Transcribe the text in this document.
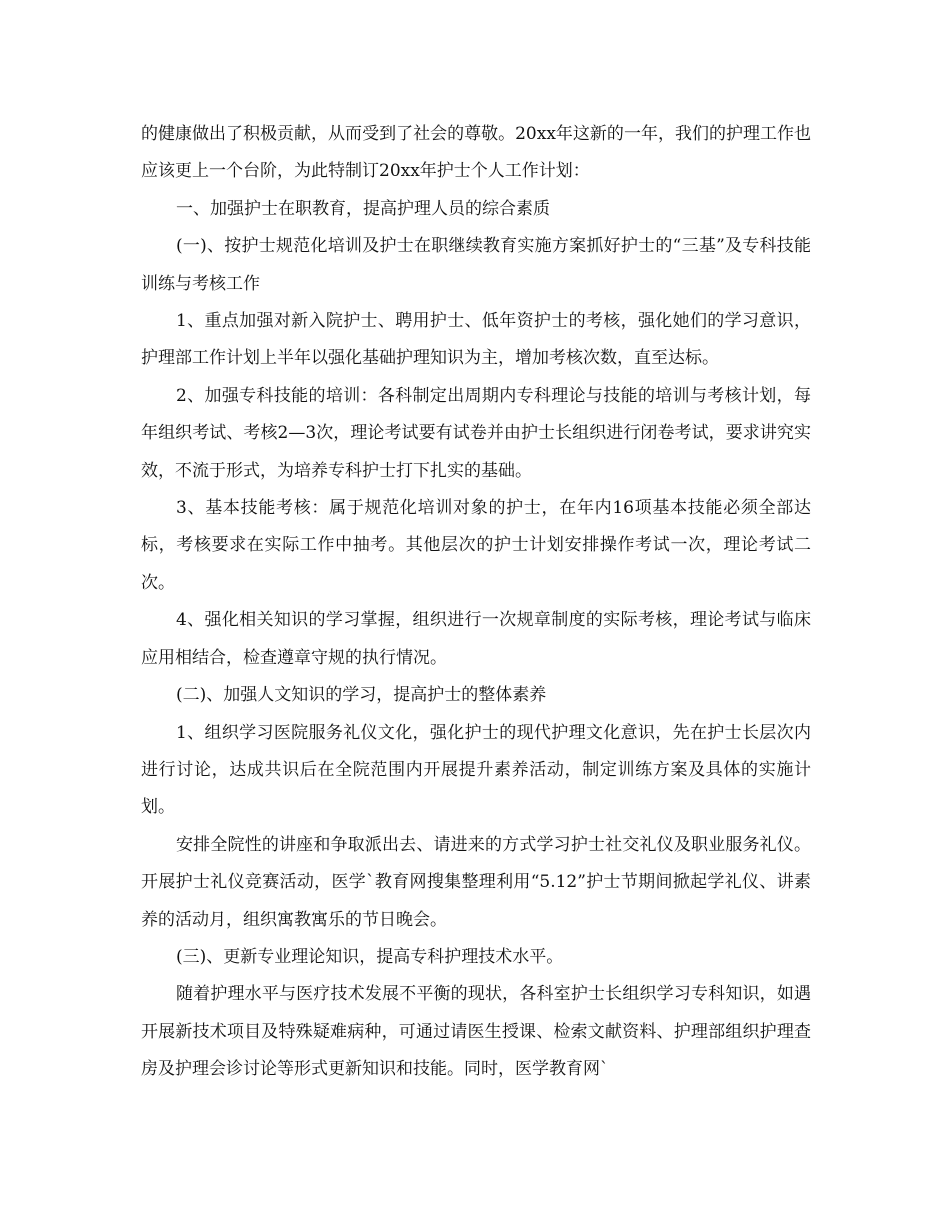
的健康做出了积极贡献，从而受到了社会的尊敬。20xx年这新的一年，我们的护理工作也应该更上一个台阶，为此特制订20xx年护士个人工作计划：

一、加强护士在职教育，提高护理人员的综合素质

(一)、按护士规范化培训及护士在职继续教育实施方案抓好护士的“三基”及专科技能训练与考核工作

1、重点加强对新入院护士、聘用护士、低年资护士的考核，强化她们的学习意识，护理部工作计划上半年以强化基础护理知识为主，增加考核次数，直至达标。

2、加强专科技能的培训：各科制定出周期内专科理论与技能的培训与考核计划，每年组织考试、考核2—3次，理论考试要有试卷并由护士长组织进行闭卷考试，要求讲究实效，不流于形式，为培养专科护士打下扎实的基础。

3、基本技能考核：属于规范化培训对象的护士，在年内16项基本技能必须全部达标，考核要求在实际工作中抽考。其他层次的护士计划安排操作考试一次，理论考试二次。

4、强化相关知识的学习掌握，组织进行一次规章制度的实际考核，理论考试与临床应用相结合，检查遵章守规的执行情况。

(二)、加强人文知识的学习，提高护士的整体素养

1、组织学习医院服务礼仪文化，强化护士的现代护理文化意识，先在护士长层次内进行讨论，达成共识后在全院范围内开展提升素养活动，制定训练方案及具体的实施计划。

安排全院性的讲座和争取派出去、请进来的方式学习护士社交礼仪及职业服务礼仪。开展护士礼仪竞赛活动，医学`教育网搜集整理利用“5.12”护士节期间掀起学礼仪、讲素养的活动月，组织寓教寓乐的节日晚会。

(三)、更新专业理论知识，提高专科护理技术水平。

随着护理水平与医疗技术发展不平衡的现状，各科室护士长组织学习专科知识，如遇开展新技术项目及特殊疑难病种，可通过请医生授课、检索文献资料、护理部组织护理查房及护理会诊讨论等形式更新知识和技能。同时，医学教育网`
